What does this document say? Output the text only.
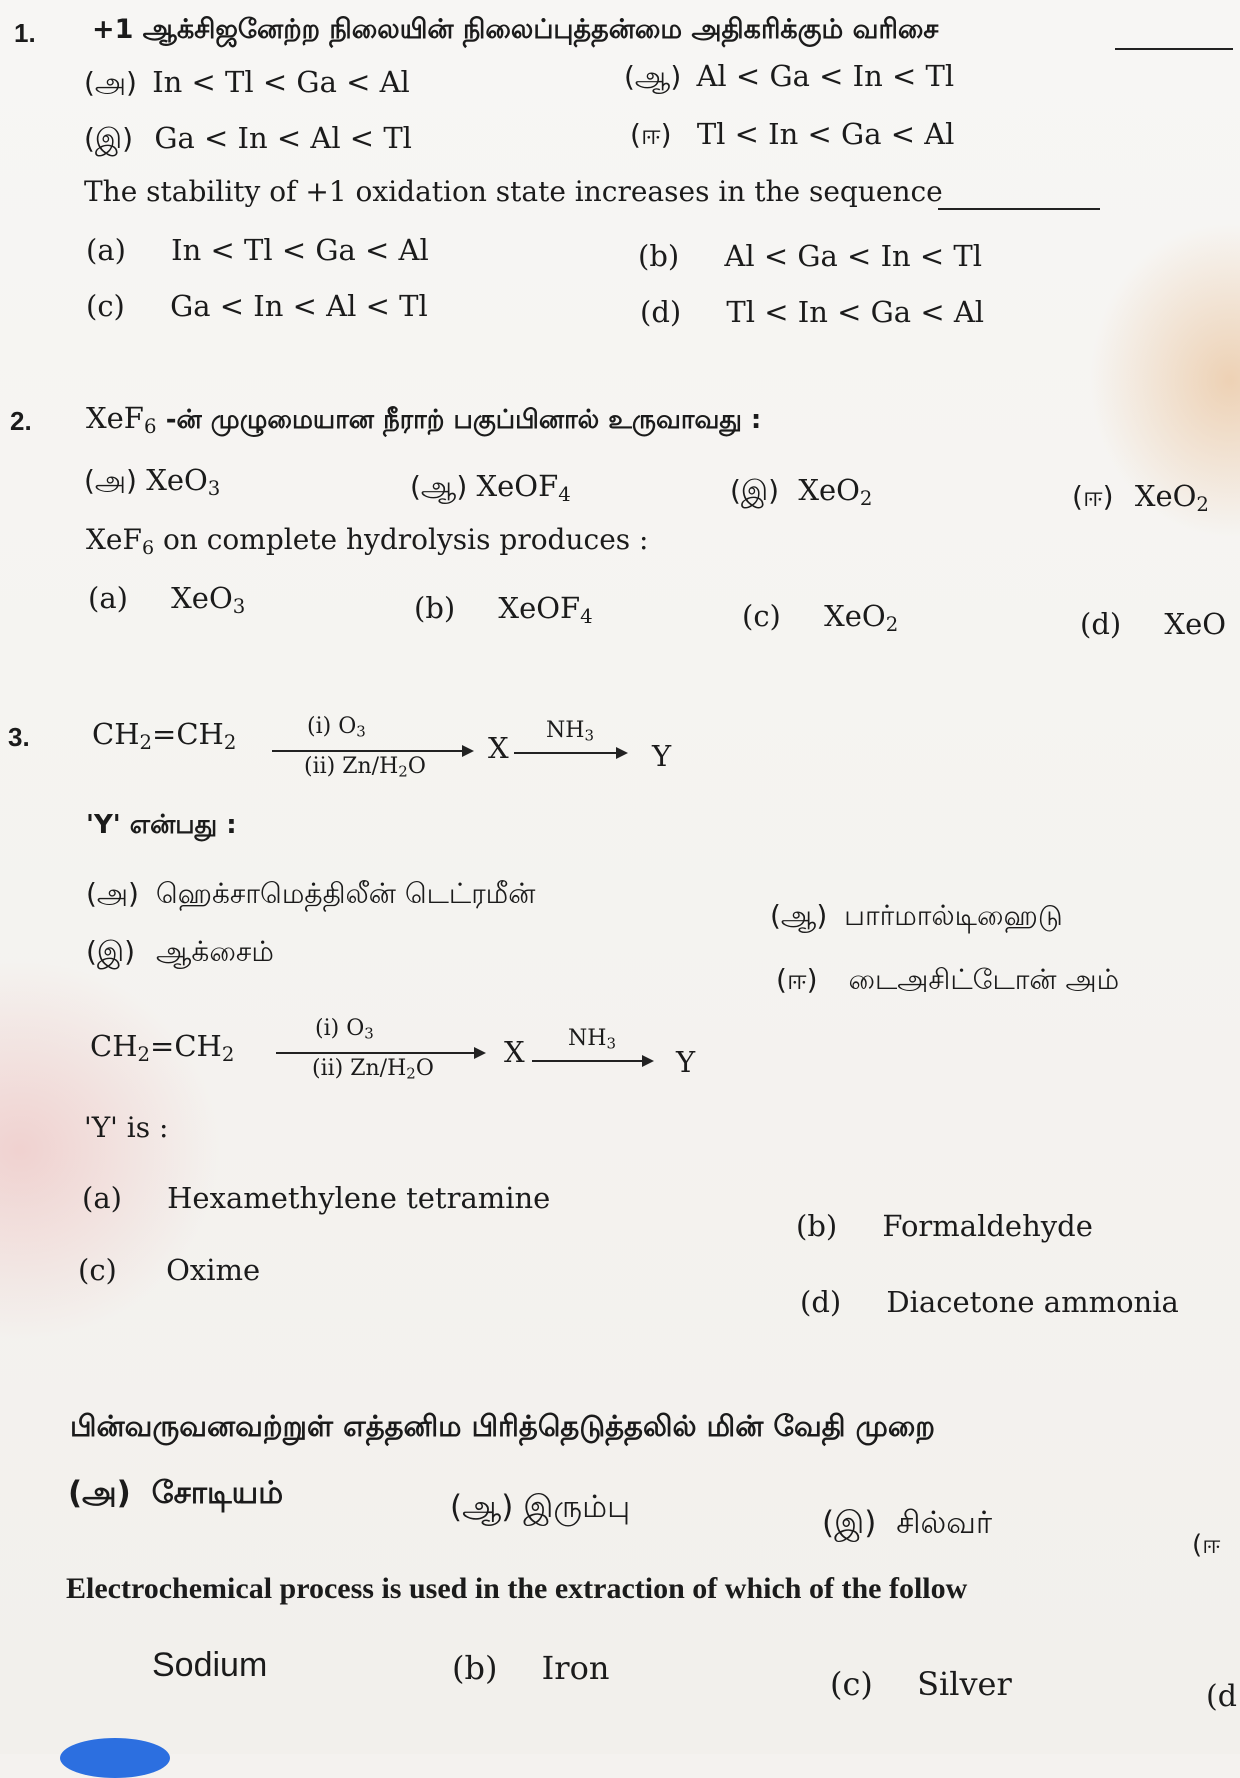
1. +1 ஆக்சிஜனேற்ற நிலையின் நிலைப்புத்தன்மை அதிகரிக்கும் வரிசை
(அ) In < Tl < Ga < Al	(ஆ) Al < Ga < In < Tl
(இ) Ga < In < Al < Tl	(ஈ) Tl < In < Ga < Al
The stability of +1 oxidation state increases in the sequence
(a) In < Tl < Ga < Al	(b) Al < Ga < In < Tl
(c) Ga < In < Al < Tl	(d) Tl < In < Ga < Al
2. XeF$_6$ -ன் முழுமையான நீராற் பகுப்பினால் உருவாவது :
(அ) XeO$_3$	(ஆ) XeOF$_4$	(இ) XeO$_2$	(ஈ) XeO$_2$
XeF$_6$ on complete hydrolysis produces :
(a) XeO$_3$	(b) XeOF$_4$	(c) XeO$_2$	(d) XeO
3. $CH_2=CH_2$
(i) $O_3$
(ii) $Zn/H_2O$
X
$NH_3$
Y
'Y' என்பது :
(அ) ஹெக்சாமெத்திலீன் டெட்ரமீன்
(ஆ) பார்மால்டிஹைடு
(இ) ஆக்சைம்
(ஈ) டைஅசிட்டோன் அம்
$CH_2=CH_2$
(i) $O_3$
(ii) $Zn/H_2O$ X $NH_3$
Y
'Y' is :
(a) Hexamethylene tetramine
(b) Formaldehyde
(c) Oxime
(d) Diacetone ammonia
பின்வருவனவற்றுள் எத்தனிம பிரித்தெடுத்தலில் மின் வேதி முறை
(அ) சோடியம்	(ஆ) இரும்பு	(இ) சில்வர்
(ஈ
Electrochemical process is used in the extraction of which of the follow
Sodium	(b) Iron	(c) Silver	(d
